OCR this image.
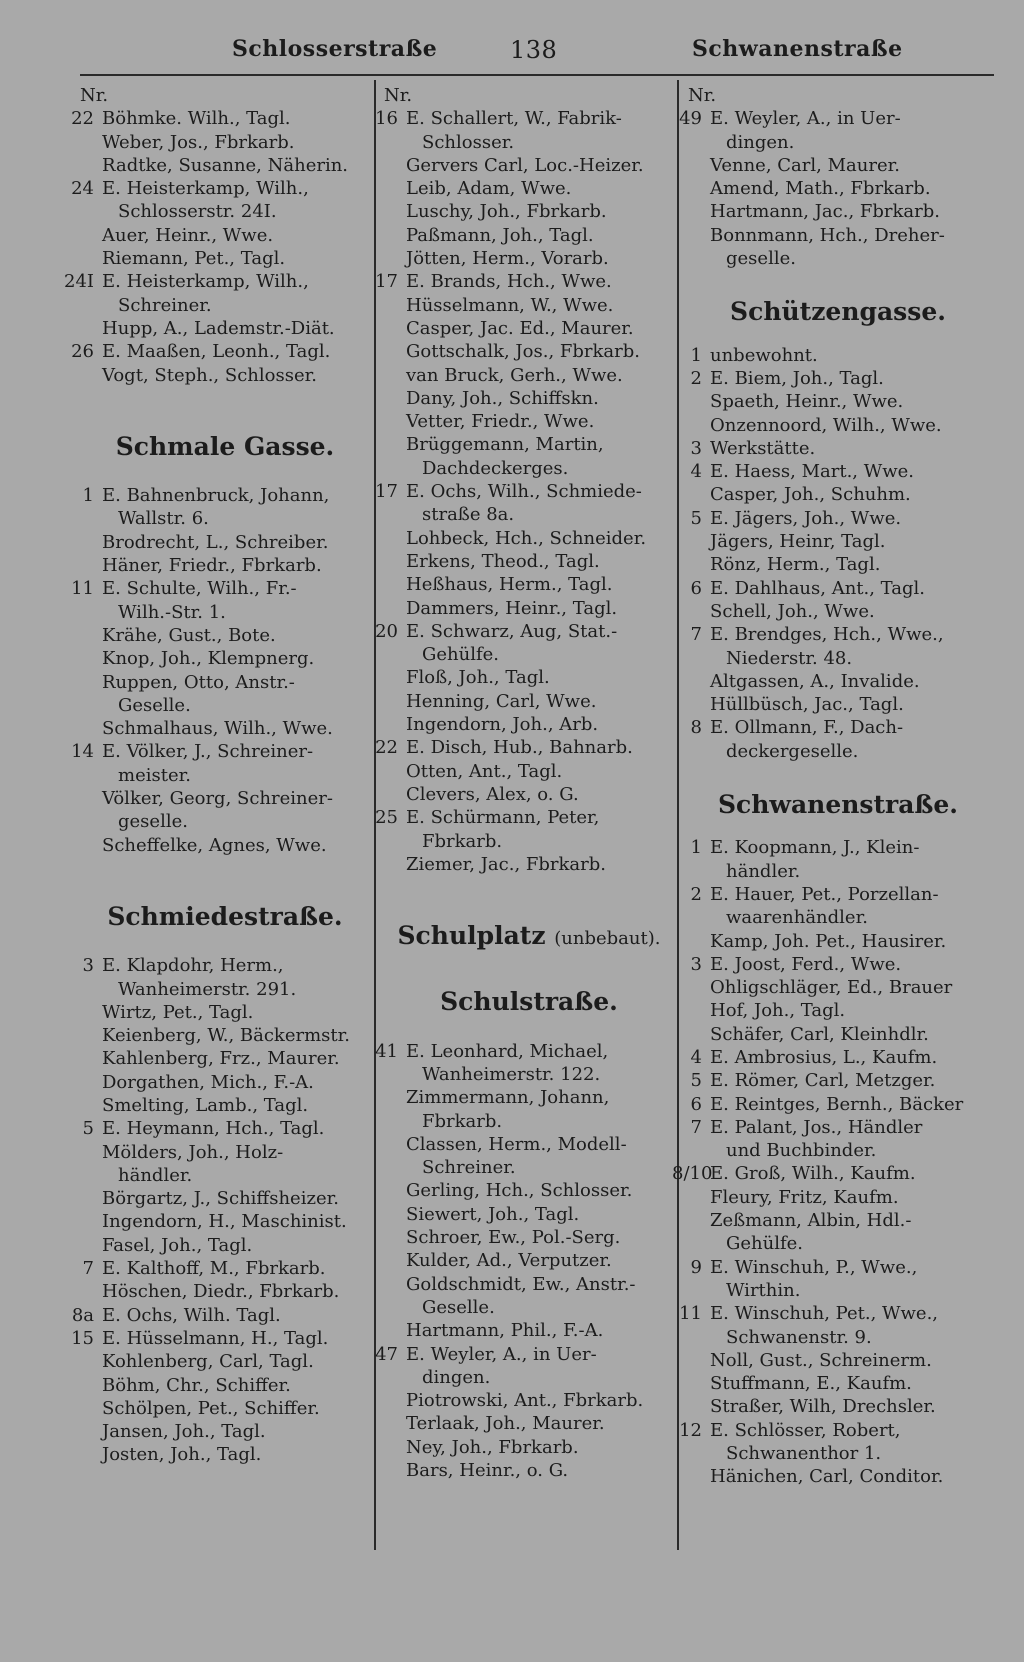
Schlosserstraße	138	Schwanenstraße
Nr.
22 Böhmke. Wilh., Tagl.
Weber, Jos., Fbrkarb.
Radtke, Susanne, Näherin.
24 E. Heisterkamp, Wilh.,
Schlosserstr. 24I.
Auer, Heinr., Wwe.
Riemann, Pet., Tagl.
24I E. Heisterkamp, Wilh.,
Schreiner.
Hupp, A., Lademstr.-Diät.
26 E. Maaßen, Leonh., Tagl.
Vogt, Steph., Schlosser.
Schmale Gasse.
1 E. Bahnenbruck, Johann,
Wallstr. 6.
Brodrecht, L., Schreiber.
Häner, Friedr., Fbrkarb.
11 E. Schulte, Wilh., Fr.-
Wilh.-Str. 1.
Krähe, Gust., Bote.
Knop, Joh., Klempnerg.
Ruppen, Otto, Anstr.-
Geselle.
Schmalhaus, Wilh., Wwe.
14 E. Völker, J., Schreiner-
meister.
Völker, Georg, Schreiner-
geselle.
Scheffelke, Agnes, Wwe.
Schmiedestraße.
3 E. Klapdohr, Herm.,
Wanheimerstr. 291.
Wirtz, Pet., Tagl.
Keienberg, W., Bäckermstr.
Kahlenberg, Frz., Maurer.
Dorgathen, Mich., F.-A.
Smelting, Lamb., Tagl.
5 E. Heymann, Hch., Tagl.
Mölders, Joh., Holz-
händler.
Börgartz, J., Schiffsheizer.
Ingendorn, H., Maschinist.
Fasel, Joh., Tagl.
7 E. Kalthoff, M., Fbrkarb.
Höschen, Diedr., Fbrkarb.
8a E. Ochs, Wilh. Tagl.
15 E. Hüsselmann, H., Tagl.
Kohlenberg, Carl, Tagl.
Böhm, Chr., Schiffer.
Schölpen, Pet., Schiffer.
Jansen, Joh., Tagl.
Josten, Joh., Tagl.
Nr.
16 E. Schallert, W., Fabrik-
Schlosser.
Gervers Carl, Loc.-Heizer.
Leib, Adam, Wwe.
Luschy, Joh., Fbrkarb.
Paßmann, Joh., Tagl.
Jötten, Herm., Vorarb.
17 E. Brands, Hch., Wwe.
Hüsselmann, W., Wwe.
Casper, Jac. Ed., Maurer.
Gottschalk, Jos., Fbrkarb.
van Bruck, Gerh., Wwe.
Dany, Joh., Schiffskn.
Vetter, Friedr., Wwe.
Brüggemann, Martin,
Dachdeckerges.
17 E. Ochs, Wilh., Schmiede-
straße 8a.
Lohbeck, Hch., Schneider.
Erkens, Theod., Tagl.
Heßhaus, Herm., Tagl.
Dammers, Heinr., Tagl.
20 E. Schwarz, Aug, Stat.-
Gehülfe.
Floß, Joh., Tagl.
Henning, Carl, Wwe.
Ingendorn, Joh., Arb.
22 E. Disch, Hub., Bahnarb.
Otten, Ant., Tagl.
Clevers, Alex, o. G.
25 E. Schürmann, Peter,
Fbrkarb.
Ziemer, Jac., Fbrkarb.
Schulplatz (unbebaut).
Schulstraße.
41 E. Leonhard, Michael,
Wanheimerstr. 122.
Zimmermann, Johann,
Fbrkarb.
Classen, Herm., Modell-
Schreiner.
Gerling, Hch., Schlosser.
Siewert, Joh., Tagl.
Schroer, Ew., Pol.-Serg.
Kulder, Ad., Verputzer.
Goldschmidt, Ew., Anstr.-
Geselle.
Hartmann, Phil., F.-A.
47 E. Weyler, A., in Uer-
dingen.
Piotrowski, Ant., Fbrkarb.
Terlaak, Joh., Maurer.
Ney, Joh., Fbrkarb.
Bars, Heinr., o. G.
Nr.
49 E. Weyler, A., in Uer-
dingen.
Venne, Carl, Maurer.
Amend, Math., Fbrkarb.
Hartmann, Jac., Fbrkarb.
Bonnmann, Hch., Dreher-
geselle.
Schützengasse.
1 unbewohnt.
2 E. Biem, Joh., Tagl.
Spaeth, Heinr., Wwe.
Onzennoord, Wilh., Wwe.
3 Werkstätte.
4 E. Haess, Mart., Wwe.
Casper, Joh., Schuhm.
5 E. Jägers, Joh., Wwe.
Jägers, Heinr, Tagl.
Rönz, Herm., Tagl.
6 E. Dahlhaus, Ant., Tagl.
Schell, Joh., Wwe.
7 E. Brendges, Hch., Wwe.,
Niederstr. 48.
Altgassen, A., Invalide.
Hüllbüsch, Jac., Tagl.
8 E. Ollmann, F., Dach-
deckergeselle.
Schwanenstraße.
1 E. Koopmann, J., Klein-
händler.
2 E. Hauer, Pet., Porzellan-
waarenhändler.
Kamp, Joh. Pet., Hausirer.
3 E. Joost, Ferd., Wwe.
Ohligschläger, Ed., Brauer
Hof, Joh., Tagl.
Schäfer, Carl, Kleinhdlr.
4 E. Ambrosius, L., Kaufm.
5 E. Römer, Carl, Metzger.
6 E. Reintges, Bernh., Bäcker
7 E. Palant, Jos., Händler
und Buchbinder.
8/10
E. Groß, Wilh., Kaufm.
Fleury, Fritz, Kaufm.
Zeßmann, Albin, Hdl.-
Gehülfe.
9 E. Winschuh, P., Wwe.,
Wirthin.
11 E. Winschuh, Pet., Wwe.,
Schwanenstr. 9.
Noll, Gust., Schreinerm.
Stuffmann, E., Kaufm.
Straßer, Wilh, Drechsler.
12 E. Schlösser, Robert,
Schwanenthor 1.
Hänichen, Carl, Conditor.
